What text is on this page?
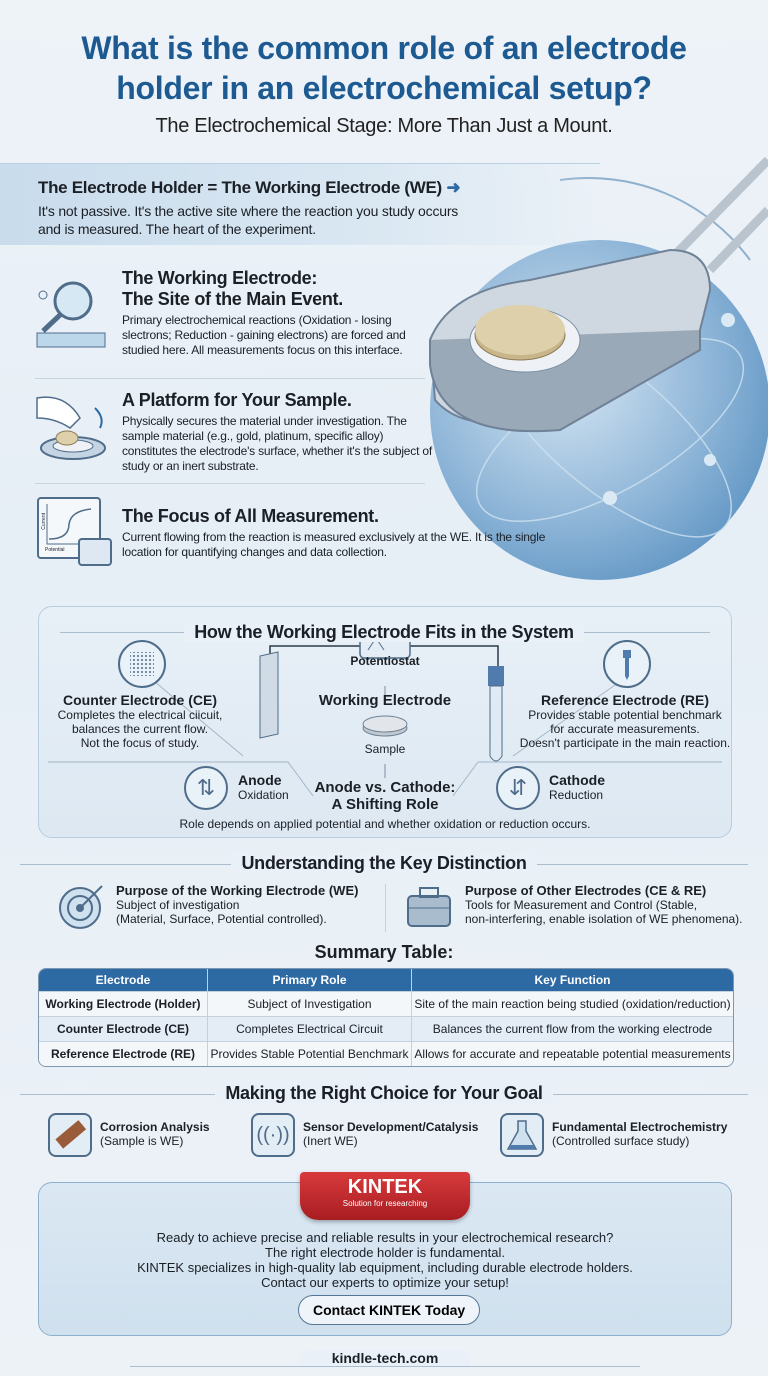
What is the common role of an electrode
holder in an electrochemical setup?
The Electrochemical Stage: More Than Just a Mount.
The Electrode Holder = The Working Electrode (WE) ➜

It's not passive. It's the active site where the reaction you study occurs and is measured. The heart of the experiment.

The Working Electrode:
The Site of the Main Event.

Primary electrochemical reactions (Oxidation - losing slectrons; Reduction - gaining electrons) are forced and studied here. All measurements focus on this interface.

A Platform for Your Sample.

Physically secures the material under investigation. The sample material (e.g., gold, platinum, specific alloy) constitutes the electrode's surface, whether it's the subject of study or an inert substrate.

Current
Potential
The Focus of All Measurement.

Current flowing from the reaction is measured exclusively at the WE. It is the single location for quantifying changes and data collection.

How the Working Electrode Fits in the System
Counter Electrode (CE)
Completes the electrical ciicuit,
balances the current flow.
Not the focus of study.
Reference Electrode (RE)
Provides stable potential benchmark
for accurate measurements.
Doesn't participate in the main reaction.
Potentiostat
Working Electrode
Sample
⇅	Anode
Oxidation	⇵	Cathode
Reduction
Anode vs. Cathode:
A Shifting Role
Role depends on applied potential and whether oxidation or reduction occurs.
Understanding the Key Distinction
Purpose of the Working Electrode (WE)
Subject of investigation
(Material, Surface, Potential controlled).
Purpose of Other Electrodes (CE & RE)
Tools for Measurement and Control (Stable,
non-interfering, enable isolation of WE phenomena).
Summary Table:
Electrode	Primary Role	Key Function
Working Electrode (Holder)	Subject of Investigation	Site of the main reaction being studied (oxidation/reduction)
Counter Electrode (CE)	Completes Electrical Circuit	Balances the current flow from the working electrode
Reference Electrode (RE)	Provides Stable Potential Benchmark	Allows for accurate and repeatable potential measurements
Making the Right Choice for Your Goal
Corrosion Analysis
(Sample is WE)	((·))	Sensor Development/Catalysis
(Inert WE)
Fundamental Electrochemistry
(Controlled surface study)
KINTEK
Solution for researching
Ready to achieve precise and reliable results in your electrochemical research?
The right electrode holder is fundamental.
KINTEK specializes in high-quality lab equipment, including durable electrode holders.
Contact our experts to optimize your setup!
Contact KINTEK Today
kindle-tech.com
